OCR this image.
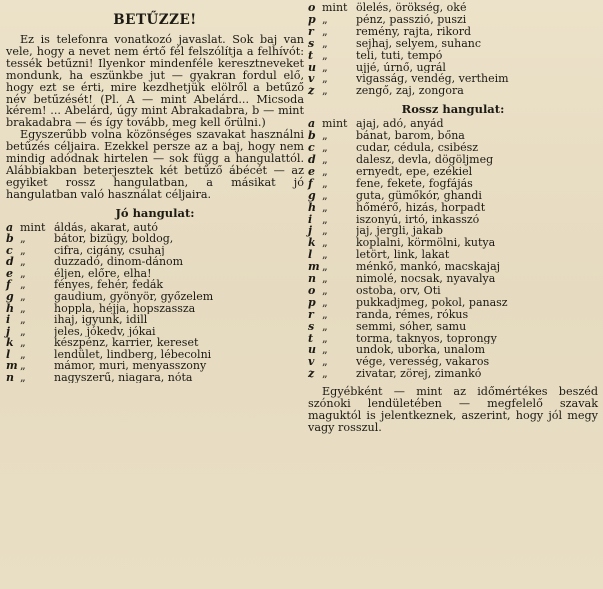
BETŰZZE!

Ez is telefonra vonatkozó javaslat. Sok baj van vele, hogy a nevet nem értő fél felszólítja a felhívót: tessék betűzni! Ilyenkor mindenféle keresztneveket mondunk, ha eszünkbe jut — gyakran fordul elő, hogy ezt se érti, mire kezdhetjük elölről a betűző név betűzését! (Pl. A — mint Abelárd... Micsoda kérem! ... Abelárd, úgy mint Abrakadabra, b — mint brakadabra — és így tovább, meg kell őrülni.)

Egyszerűbb volna közönséges szavakat használni betűzés céljaira. Ezekkel persze az a baj, hogy nem mindig adódnak hirtelen — sok függ a hangulattól. Alábbiakban beterjesztek két betűző ábécét — az egyiket rossz hangulatban, a másikat jó hangulatban való használat céljaira.

Jó hangulat:
a mint áldás, akarat, autó
b „	bátor, bizügy, boldog,
c „	cifra, cigány, csuhaj
d „	duzzadó, dinom-dánom
e „	éljen, előre, elha!
f „	fényes, fehér, fedák
g „	gaudium, gyönyör, győzelem
h „	hoppla, héjja, hopszassza
i „	ihaj, igyunk, idill
j „	jeles, jókedv, jókai
k „	készpénz, karrier, kereset
l „	lendület, lindberg, lébecolni
m „	mámor, muri, menyasszony
n „	nagyszerű, niagara, nóta
o mint ölelés, örökség, oké
p „	pénz, passzió, puszi
r „	remény, rajta, rikord
s „	sejhaj, selyem, suhanc
t „	teli, tuti, tempó
u „	ujjé, úrnő, ugrál
v „	vigasság, vendég, vertheim
z „	zengő, zaj, zongora
Rossz hangulat:
a mint ajaj, adó, anyád
b „	bánat, barom, bőna
c „	cudar, cédula, csibész
d „	dalesz, devla, dögöljmeg
e „	ernyedt, epe, ezékiel
f „	fene, fekete, fogfájás
g „	guta, gümőkór, ghandi
h „	hőmérő, hizás, horpadt
i „	iszonyú, irtó, inkasszó
j „	jaj, jergli, jakab
k „	koplalni, körmölni, kutya
l „	letört, link, lakat
m „	ménkő, mankó, macskajaj
n „	nimolé, nocsak, nyavalya
o „	ostoba, orv, Oti
p „	pukkadjmeg, pokol, panasz
r „	randa, rémes, rókus
s „	semmi, sóher, samu
t „	torma, taknyos, toprongy
u „	undok, uborka, unalom
v „	vége, veresség, vakaros
z „	zivatar, zörej, zimankó

Egyébként — mint az időmértékes beszéd szónoki lendületében — megfelelő szavak maguktól is jelentkeznek, aszerint, hogy jól megy vagy rosszul.
